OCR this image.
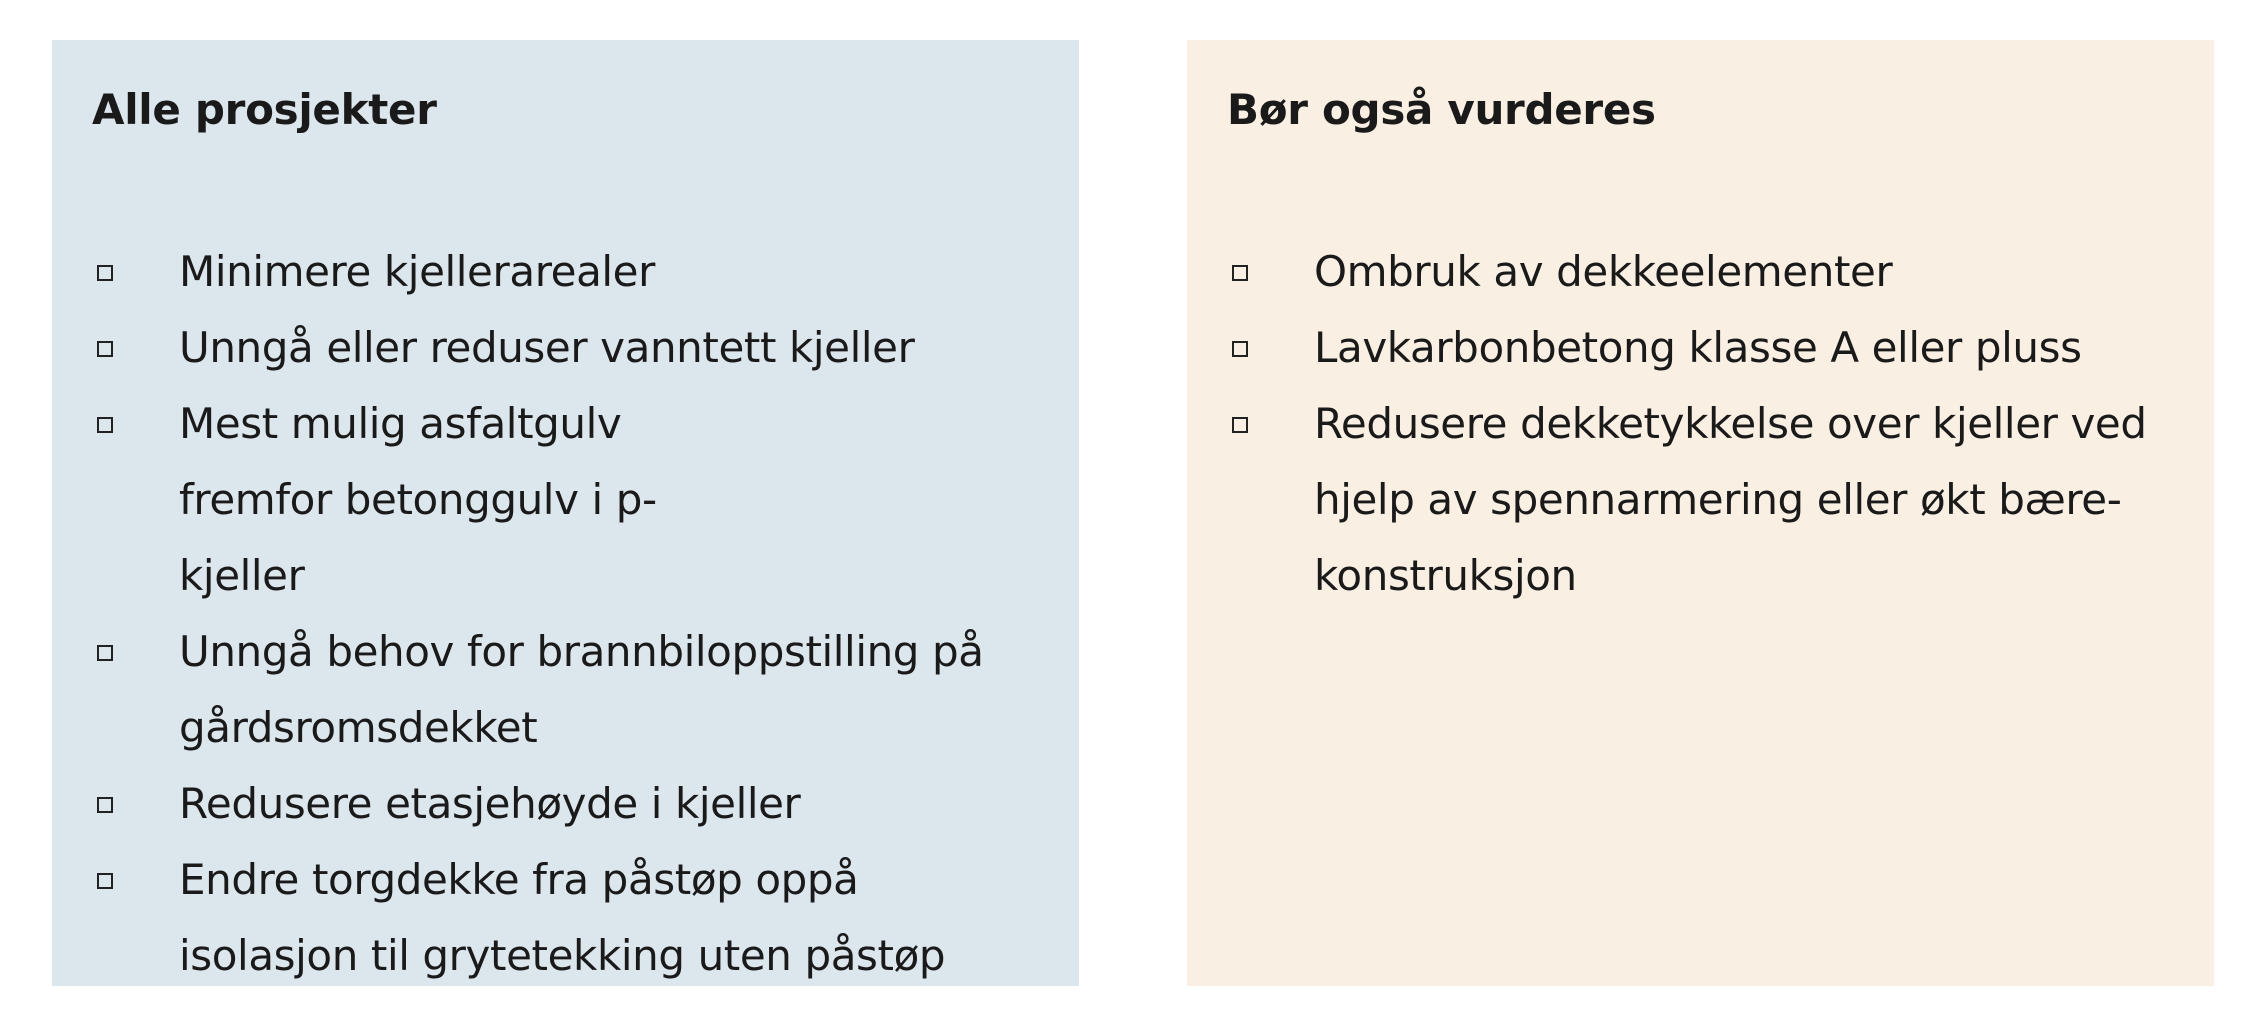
Alle prosjekter
Minimere kjellerarealer
Unngå eller reduser vanntett kjeller
Mest mulig asfaltgulv fremfor betonggulv i p-kjeller
Unngå behov for brannbiloppstilling på gårdsromsdekket
Redusere etasjehøyde i kjeller
Endre torgdekke fra påstøp oppå isolasjon til grytetekking uten påstøp
Bør også vurderes
Ombruk av dekkeelementer
Lavkarbonbetong klasse A eller pluss
Redusere dekketykkelse over kjeller ved hjelp av spennarmering eller økt bære-konstruksjon
